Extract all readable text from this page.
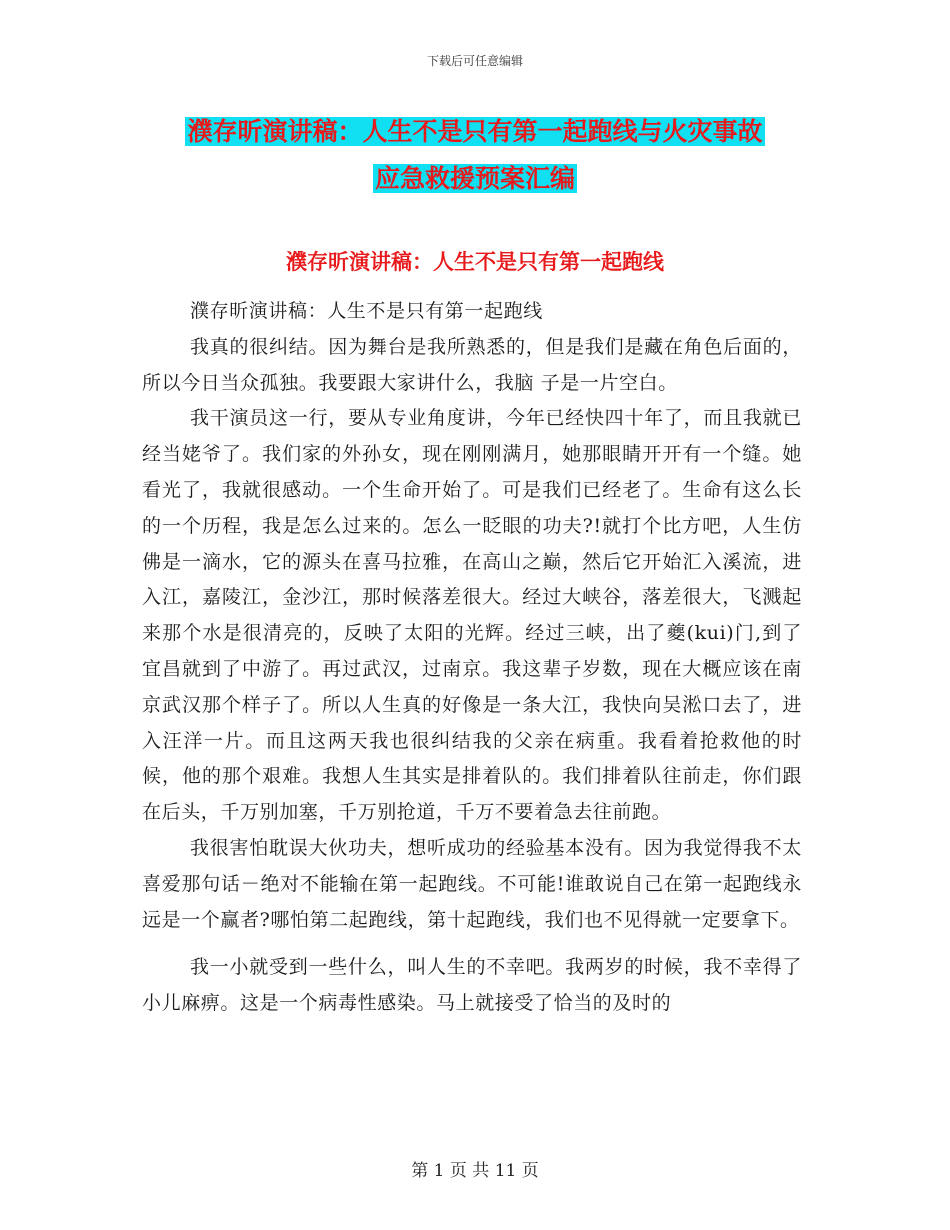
下载后可任意编辑
濮存昕演讲稿：人生不是只有第一起跑线与火灾事故
应急救援预案汇编
濮存昕演讲稿：人生不是只有第一起跑线

濮存昕演讲稿：人生不是只有第一起跑线

我真的很纠结。因为舞台是我所熟悉的，但是我们是藏在角色后面的，所以今日当众孤独。我要跟大家讲什么，我脑 子是一片空白。

我干演员这一行，要从专业角度讲，今年已经快四十年了，而且我就已经当姥爷了。我们家的外孙女，现在刚刚满月，她那眼睛开开有一个缝。她看光了，我就很感动。一个生命开始了。可是我们已经老了。生命有这么长的一个历程，我是怎么过来的。怎么一眨眼的功夫?!就打个比方吧，人生仿佛是一滴水，它的源头在喜马拉雅，在高山之巅，然后它开始汇入溪流，进入江，嘉陵江，金沙江，那时候落差很大。经过大峡谷，落差很大，飞溅起来那个水是很清亮的，反映了太阳的光辉。经过三峡，出了夔(kui)门,到了宜昌就到了中游了。再过武汉，过南京。我这辈子岁数，现在大概应该在南京武汉那个样子了。所以人生真的好像是一条大江，我快向吴淞口去了，进入汪洋一片。而且这两天我也很纠结我的父亲在病重。我看着抢救他的时候，他的那个艰难。我想人生其实是排着队的。我们排着队往前走，你们跟在后头，千万别加塞，千万别抢道，千万不要着急去往前跑。

我很害怕耽误大伙功夫，想听成功的经验基本没有。因为我觉得我不太喜爱那句话－绝对不能输在第一起跑线。不可能!谁敢说自己在第一起跑线永远是一个赢者?哪怕第二起跑线，第十起跑线，我们也不见得就一定要拿下。

我一小就受到一些什么，叫人生的不幸吧。我两岁的时候，我不幸得了小儿麻痹。这是一个病毒性感染。马上就接受了恰当的及时的

第 1 页 共 11 页
